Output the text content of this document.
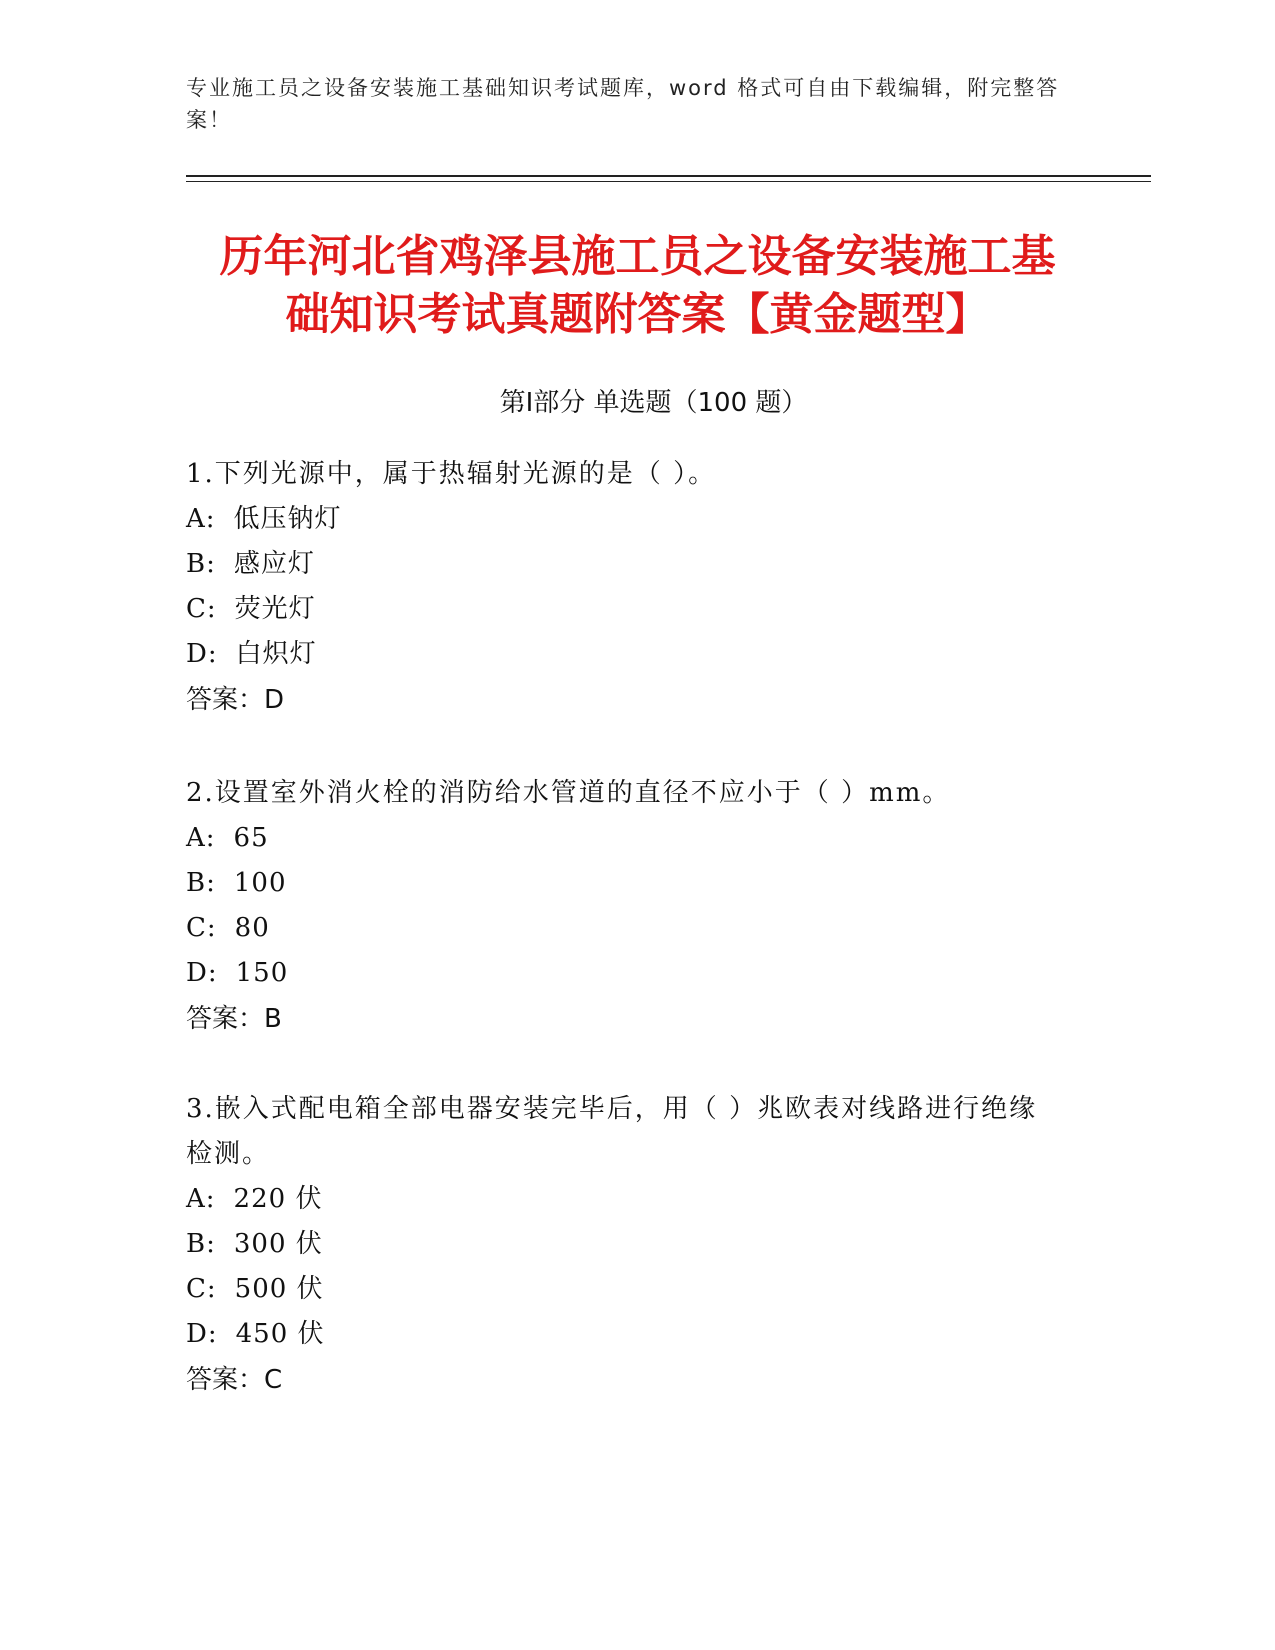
专业施工员之设备安装施工基础知识考试题库，word 格式可自由下载编辑，附完整答案！
历年河北省鸡泽县施工员之设备安装施工基
础知识考试真题附答案【黄金题型】
第Ⅰ部分 单选题（100 题）
1.下列光源中，属于热辐射光源的是（ ）。
A: 低压钠灯
B: 感应灯
C: 荧光灯
D: 白炽灯
答案：D
2.设置室外消火栓的消防给水管道的直径不应小于（ ）mm。
A: 65
B: 100
C: 80
D: 150
答案：B
3.嵌入式配电箱全部电器安装完毕后，用（ ）兆欧表对线路进行绝缘检测。
A: 220 伏
B: 300 伏
C: 500 伏
D: 450 伏
答案：C
